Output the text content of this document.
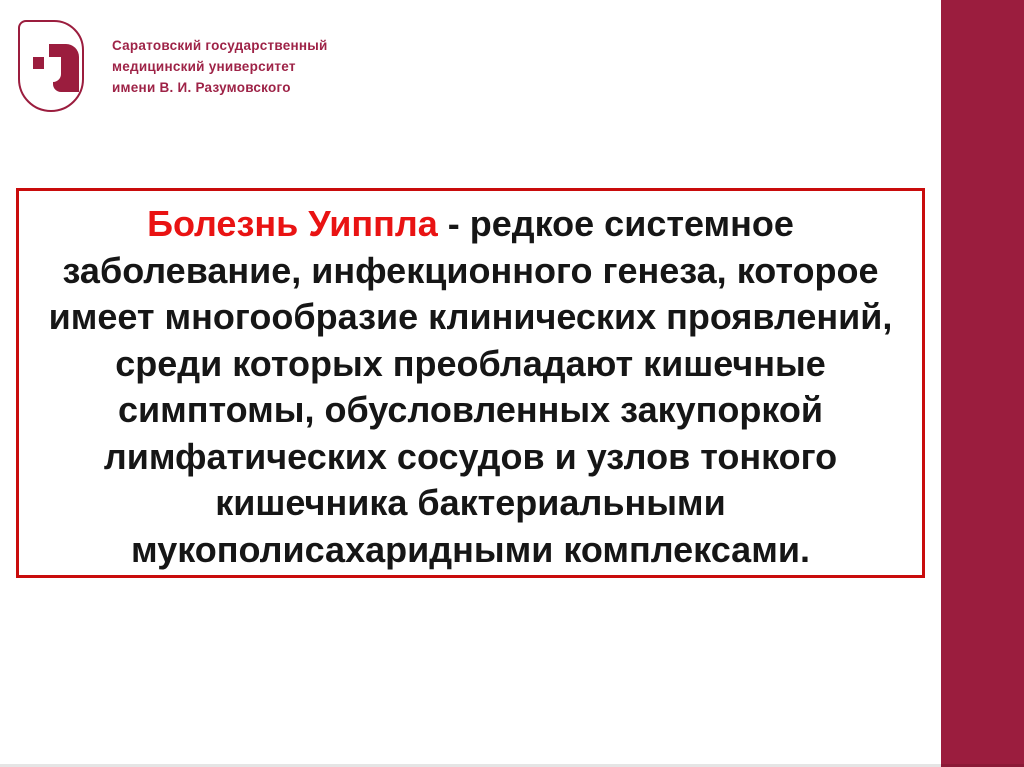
Саратовский государственный
медицинский университет
имени В. И. Разумовского
Болезнь Уиппла - редкое системное
заболевание, инфекционного генеза, которое
имеет многообразие клинических проявлений,
среди которых преобладают кишечные
симптомы, обусловленных закупоркой
лимфатических сосудов и узлов тонкого
кишечника бактериальными
мукополисахаридными комплексами.
